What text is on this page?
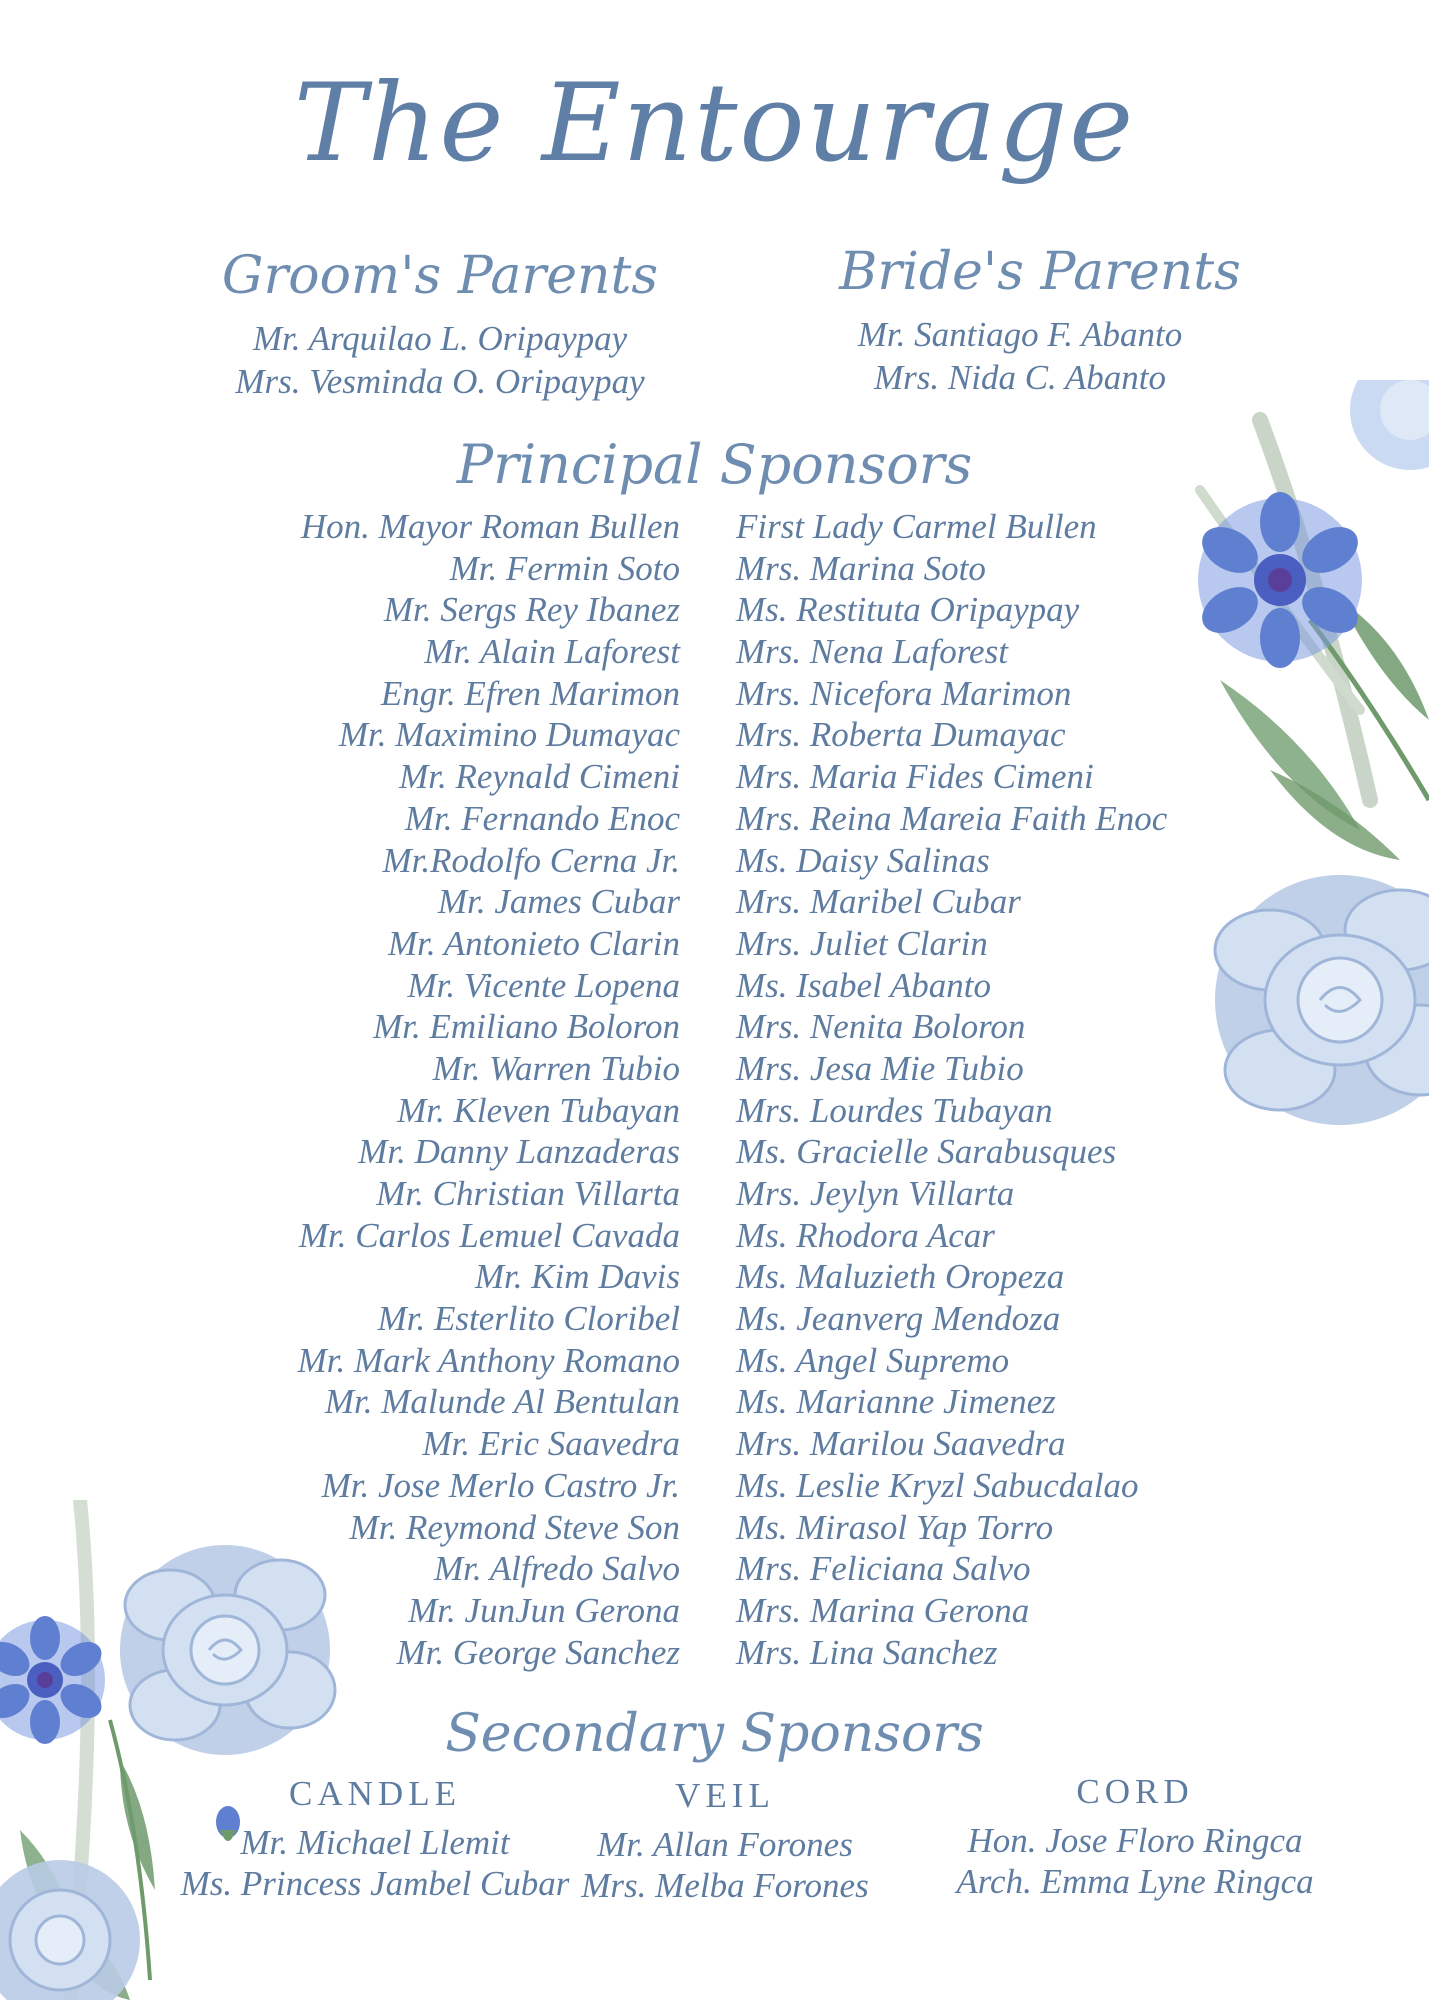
The Entourage
Groom's Parents
Mr. Arquilao L. Oripaypay
Mrs. Vesminda O. Oripaypay
Bride's Parents
Mr. Santiago F. Abanto
Mrs. Nida C. Abanto
Principal Sponsors
Hon. Mayor Roman Bullen
Mr. Fermin Soto
Mr. Sergs Rey Ibanez
Mr. Alain Laforest
Engr. Efren Marimon
Mr. Maximino Dumayac
Mr. Reynald Cimeni
Mr. Fernando Enoc
Mr.Rodolfo Cerna Jr.
Mr. James Cubar
Mr. Antonieto Clarin
Mr. Vicente Lopena
Mr. Emiliano Boloron
Mr. Warren Tubio
Mr. Kleven Tubayan
Mr. Danny Lanzaderas
Mr. Christian Villarta
Mr. Carlos Lemuel Cavada
Mr. Kim Davis
Mr. Esterlito Cloribel
Mr. Mark Anthony Romano
Mr. Malunde Al Bentulan
Mr. Eric Saavedra
Mr. Jose Merlo Castro Jr.
Mr. Reymond Steve Son
Mr. Alfredo Salvo
Mr. JunJun Gerona
Mr. George Sanchez
First Lady Carmel Bullen
Mrs. Marina Soto
Ms. Restituta Oripaypay
Mrs. Nena Laforest
Mrs. Nicefora Marimon
Mrs. Roberta Dumayac
Mrs. Maria Fides Cimeni
Mrs. Reina Mareia Faith Enoc
Ms. Daisy Salinas
Mrs. Maribel Cubar
Mrs. Juliet Clarin
Ms. Isabel Abanto
Mrs. Nenita Boloron
Mrs. Jesa Mie Tubio
Mrs. Lourdes Tubayan
Ms. Gracielle Sarabusques
Mrs. Jeylyn Villarta
Ms. Rhodora Acar
Ms. Maluzieth Oropeza
Ms. Jeanverg Mendoza
Ms. Angel Supremo
Ms. Marianne Jimenez
Mrs. Marilou Saavedra
Ms. Leslie Kryzl Sabucdalao
Ms. Mirasol Yap Torro
Mrs. Feliciana Salvo
Mrs. Marina Gerona
Mrs. Lina Sanchez
Secondary Sponsors
CANDLE
Mr. Michael Llemit
Ms. Princess Jambel Cubar
VEIL
Mr. Allan Forones
Mrs. Melba Forones
CORD
Hon. Jose Floro Ringca
Arch. Emma Lyne Ringca
